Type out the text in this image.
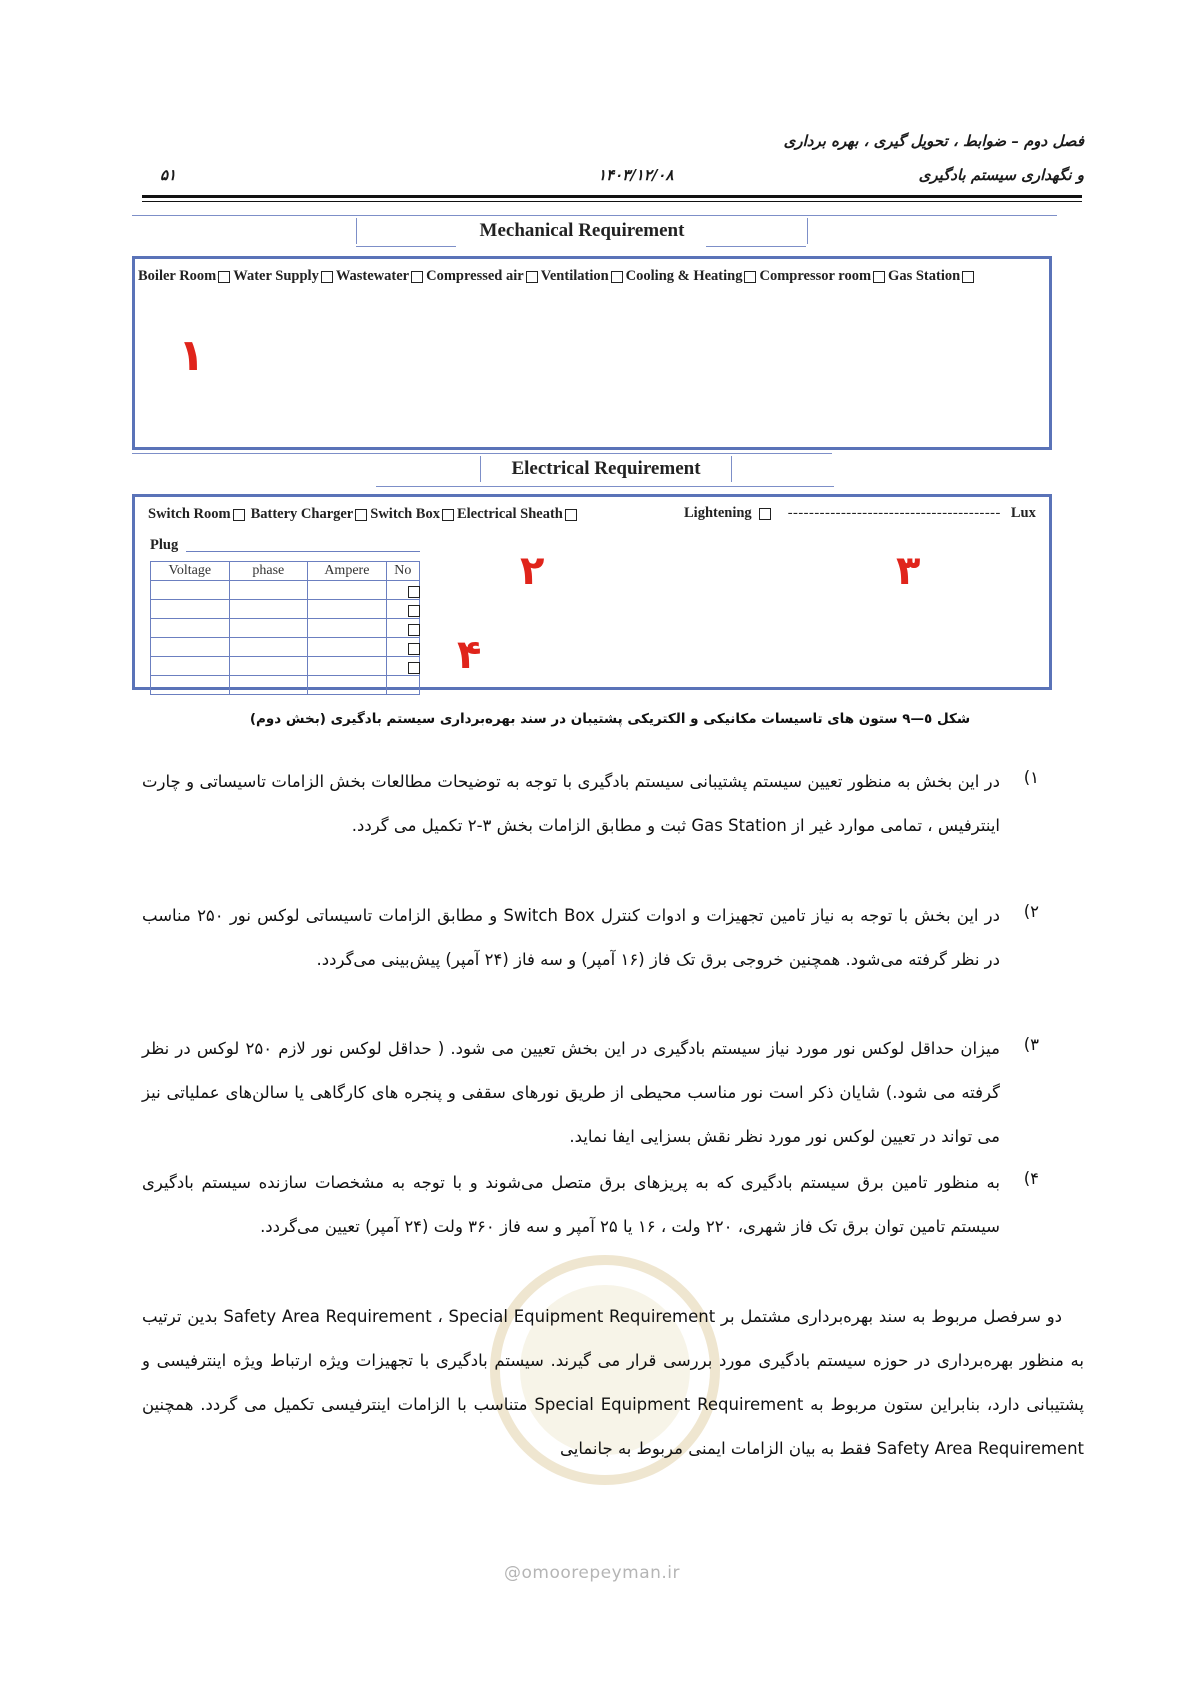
فصل دوم – ضوابط ، تحویل گیری ، بهره برداری
و نگهداری سیستم بادگیری
۱۴۰۳/۱۲/۰۸
۵۱
Mechanical Requirement
Boiler Room Water Supply Wastewater Compressed air Ventilation Cooling & Heating Compressor room Gas Station
۱
Electrical Requirement
Switch Room Battery Charger Switch Box Electrical Sheath	Lightening ---------------------------------------- Lux
Plug
Voltage	phase	Ampere	No

				۲	۳
۴
شکل ٥—۹ ستون های تاسیسات مکانیکی و الکتریکی پشتیبان در سند بهره‌برداری سیستم بادگیری (بخش دوم)
@omoorepeyman.ir
۱)
در این بخش به منظور تعیین سیستم پشتیبانی سیستم بادگیری با توجه به توضیحات مطالعات بخش الزامات تاسیساتی و چارت اینترفیس ، تمامی موارد غیر از Gas Station ثبت و مطابق الزامات بخش ۳-۲ تکمیل می گردد.
۲)
در این بخش با توجه به نیاز تامین تجهیزات و ادوات کنترل Switch Box و مطابق الزامات تاسیساتی لوکس نور ۲۵۰ مناسب در نظر گرفته می‌شود. همچنین خروجی برق تک فاز (۱۶ آمپر) و سه فاز (۲۴ آمپر) پیش‌بینی می‌گردد.
۳)
میزان حداقل لوکس نور مورد نیاز سیستم بادگیری در این بخش تعیین می شود. ( حداقل لوکس نور لازم ۲۵۰ لوکس در نظر گرفته می شود.) شایان ذکر است نور مناسب محیطی از طریق نورهای سقفی و پنجره های کارگاهی یا سالن‌های عملیاتی نیز می تواند در تعیین لوکس نور مورد نظر نقش بسزایی ایفا نماید.
۴)
به منظور تامین برق سیستم بادگیری که به پریزهای برق متصل می‌شوند و با توجه به مشخصات سازنده سیستم بادگیری سیستم تامین توان برق تک فاز شهری، ۲۲۰ ولت ، ۱۶ یا ۲۵ آمپر و سه فاز ۳۶۰ ولت (۲۴ آمپر) تعیین می‌گردد.
دو سرفصل مربوط به سند بهره‌برداری مشتمل بر Safety Area Requirement ، Special Equipment Requirement بدین ترتیب به منظور بهره‌برداری در حوزه سیستم بادگیری مورد بررسی قرار می گیرند. سیستم بادگیری با تجهیزات ویژه ارتباط ویژه اینترفیسی و پشتیبانی دارد، بنابراین ستون مربوط به Special Equipment Requirement متناسب با الزامات اینترفیسی تکمیل می گردد. همچنین Safety Area Requirement فقط به بیان الزامات ایمنی مربوط به جانمایی
